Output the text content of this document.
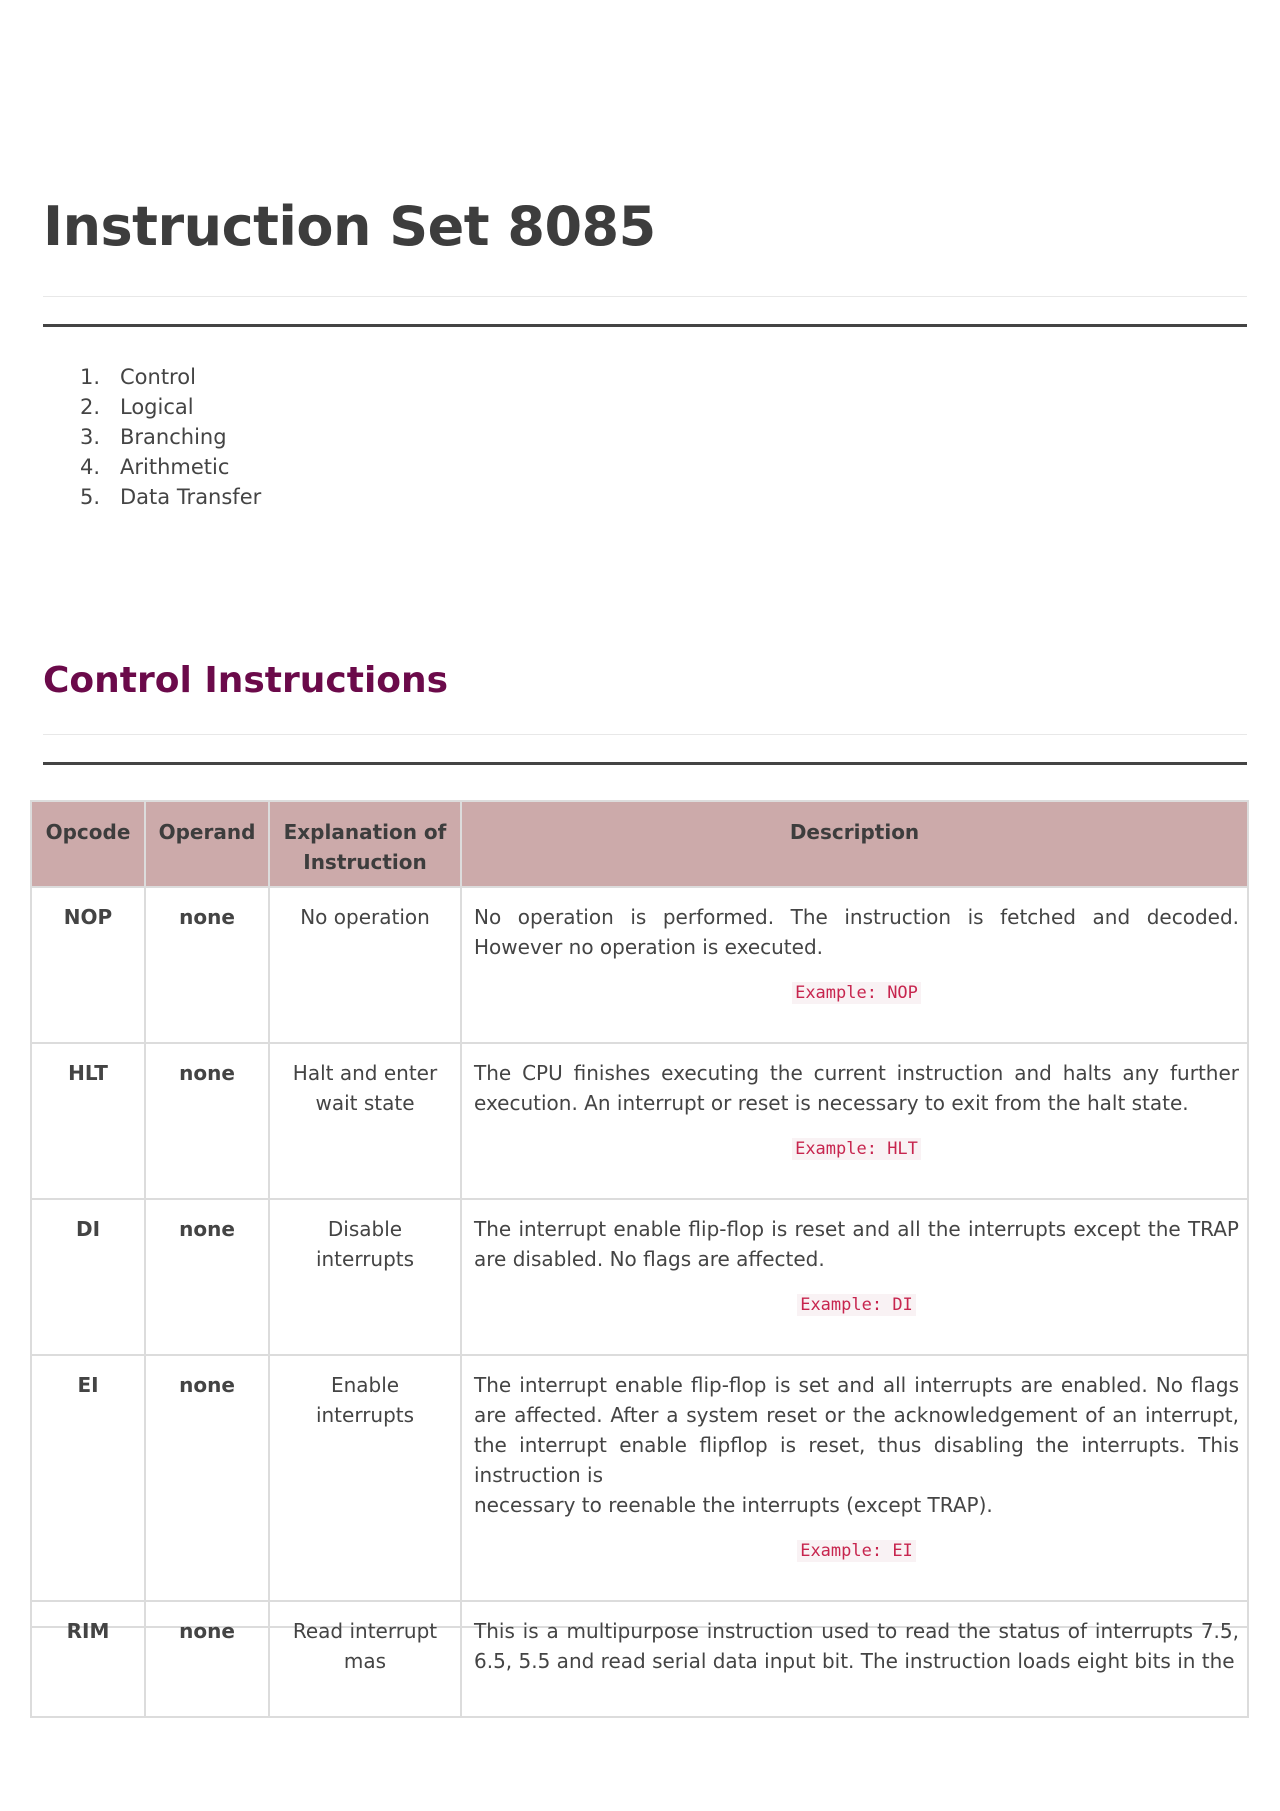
Instruction Set 8085
1. Control
2. Logical
3. Branching
4. Arithmetic
5. Data Transfer
Control Instructions
Opcode	Operand	Explanation of Instruction	Description
NOP	none	No operation	No operation is performed. The instruction is fetched and decoded. However no operation is executed.

Example: NOP

HLT	none	Halt and enter wait state	The CPU finishes executing the current instruction and halts any further execution. An interrupt or reset is necessary to exit from the halt state.

Example: HLT

DI	none	Disable interrupts	The interrupt enable flip-flop is reset and all the interrupts except the TRAP are disabled. No flags are affected.

Example: DI

EI	none	Enable interrupts	The interrupt enable flip-flop is set and all interrupts are enabled. No flags are affected. After a system reset or the acknowledgement of an interrupt, the interrupt enable flipflop is reset, thus disabling the interrupts. This instruction is

necessary to reenable the interrupts (except TRAP).

Example: EI

RIM	none	Read interrupt mas	This is a multipurpose instruction used to read the status of interrupts 7.5, 6.5, 5.5 and read serial data input bit. The instruction loads eight bits in the
